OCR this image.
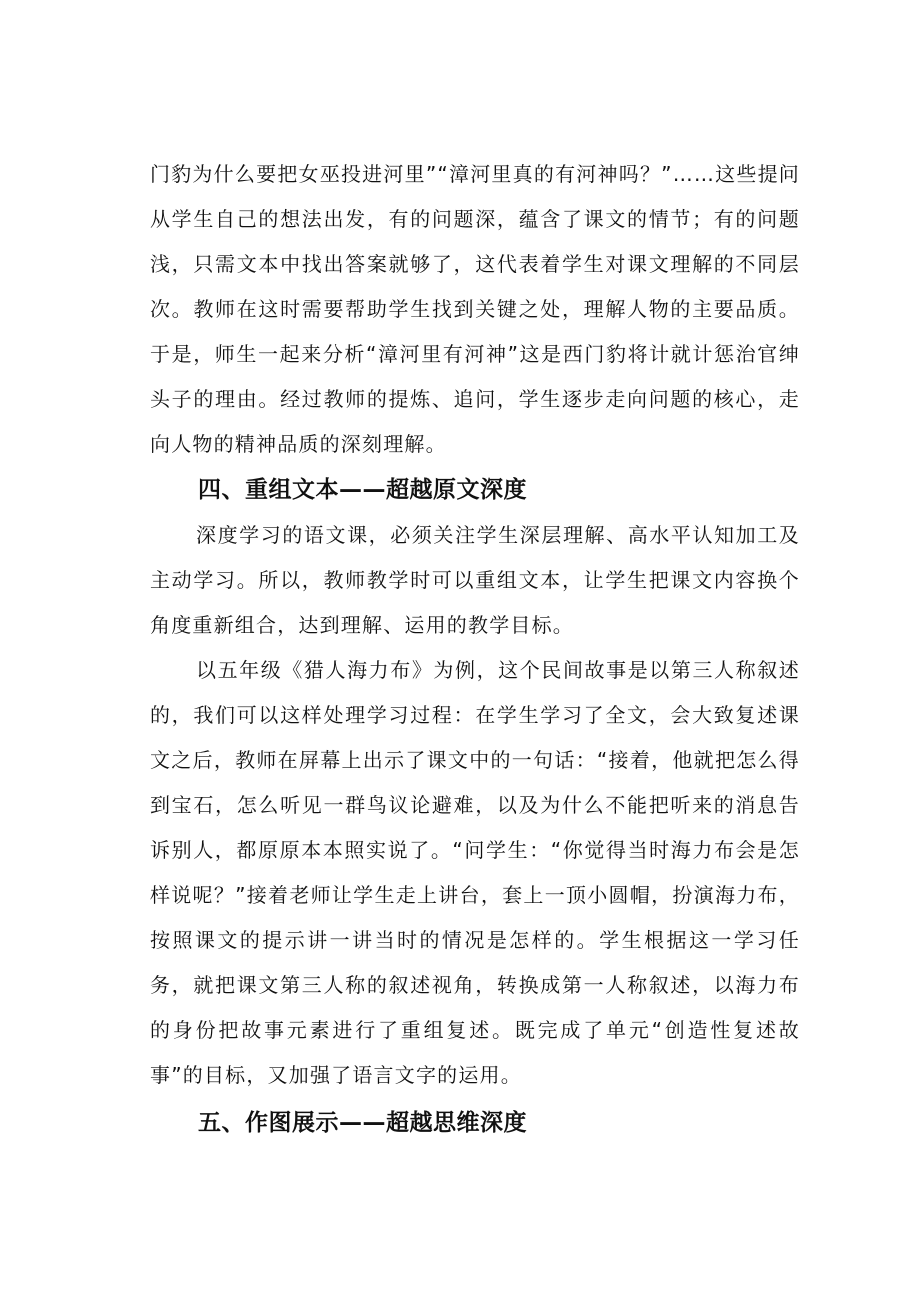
门豹为什么要把女巫投进河里”“漳河里真的有河神吗？”……这些提问从学生自己的想法出发，有的问题深，蕴含了课文的情节；有的问题浅，只需文本中找出答案就够了，这代表着学生对课文理解的不同层次。教师在这时需要帮助学生找到关键之处，理解人物的主要品质。于是，师生一起来分析“漳河里有河神”这是西门豹将计就计惩治官绅头子的理由。经过教师的提炼、追问，学生逐步走向问题的核心，走向人物的精神品质的深刻理解。

四、重组文本——超越原文深度

深度学习的语文课，必须关注学生深层理解、高水平认知加工及主动学习。所以，教师教学时可以重组文本，让学生把课文内容换个角度重新组合，达到理解、运用的教学目标。

以五年级《猎人海力布》为例，这个民间故事是以第三人称叙述的，我们可以这样处理学习过程：在学生学习了全文，会大致复述课文之后，教师在屏幕上出示了课文中的一句话：“接着，他就把怎么得到宝石，怎么听见一群鸟议论避难，以及为什么不能把听来的消息告诉别人，都原原本本照实说了。“问学生：“你觉得当时海力布会是怎样说呢？”接着老师让学生走上讲台，套上一顶小圆帽，扮演海力布，按照课文的提示讲一讲当时的情况是怎样的。学生根据这一学习任务，就把课文第三人称的叙述视角，转换成第一人称叙述，以海力布的身份把故事元素进行了重组复述。既完成了单元“创造性复述故事”的目标，又加强了语言文字的运用。

五、作图展示——超越思维深度
